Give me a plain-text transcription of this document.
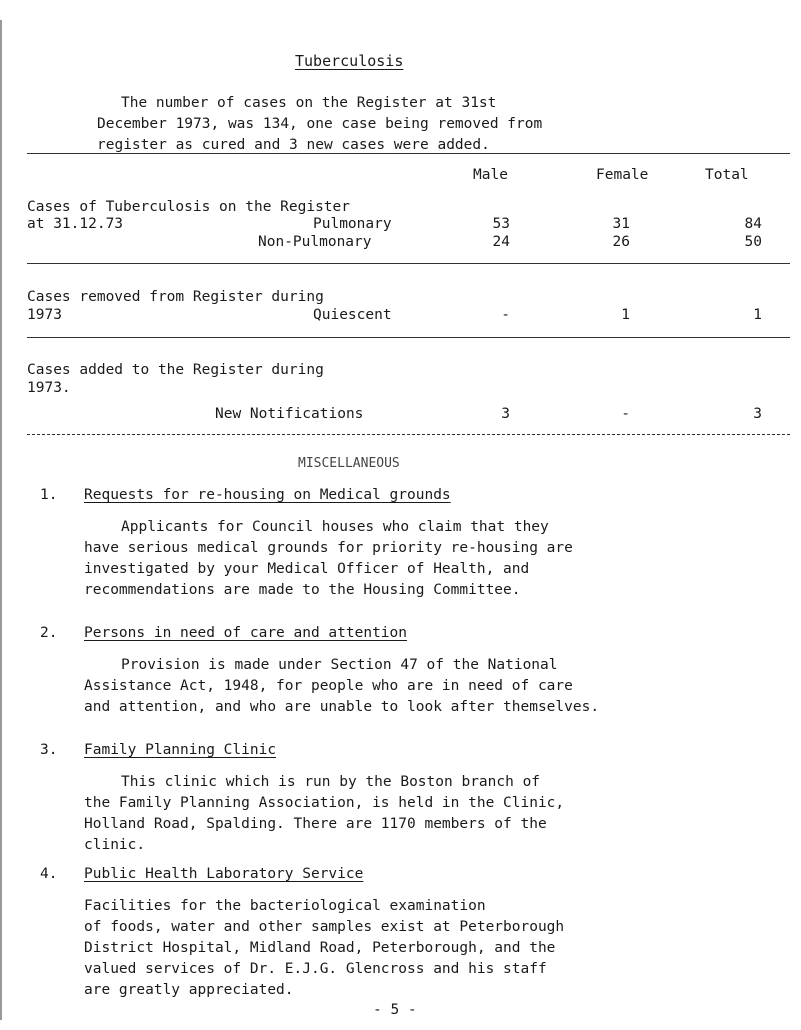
Tuberculosis
The number of cases on the Register at 31st
December 1973, was 134, one case being removed from
register as cured and 3 new cases were added.
Male	Female	Total
Cases of Tuberculosis on the Register
at 31.12.73	Pulmonary	53	31	84
Non-Pulmonary	24	26	50
Cases removed from Register during
1973	Quiescent	-	1	1
Cases added to the Register during
1973.
New Notifications	3	-	3
MISCELLANEOUS
1. Requests for re-housing on Medical grounds
Applicants for Council houses who claim that they
have serious medical grounds for priority re-housing are
investigated by your Medical Officer of Health, and
recommendations are made to the Housing Committee.
2. Persons in need of care and attention
Provision is made under Section 47 of the National
Assistance Act, 1948, for people who are in need of care
and attention, and who are unable to look after themselves.
3. Family Planning Clinic
This clinic which is run by the Boston branch of
the Family Planning Association, is held in the Clinic,
Holland Road, Spalding. There are 1170 members of the
clinic.
4. Public Health Laboratory Service
Facilities for the bacteriological examination
of foods, water and other samples exist at Peterborough
District Hospital, Midland Road, Peterborough, and the
valued services of Dr. E.J.G. Glencross and his staff
are greatly appreciated.
- 5 -
